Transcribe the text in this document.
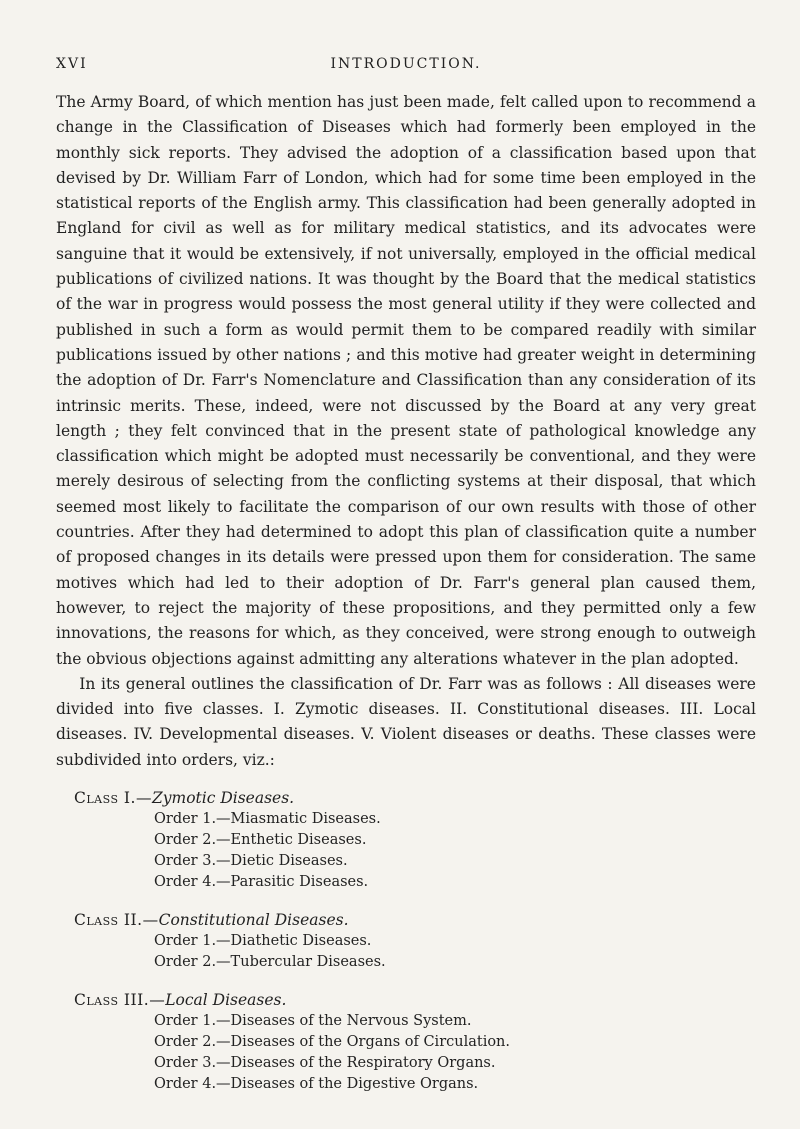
XVI	INTRODUCTION.

The Army Board, of which mention has just been made, felt called upon to recommend a change in the Classification of Diseases which had formerly been employed in the monthly sick reports. They advised the adoption of a classification based upon that devised by Dr. William Farr of London, which had for some time been employed in the statistical reports of the English army. This classification had been generally adopted in England for civil as well as for military medical statistics, and its advocates were sanguine that it would be extensively, if not universally, employed in the official medical publications of civilized nations. It was thought by the Board that the medical statistics of the war in progress would possess the most general utility if they were collected and published in such a form as would permit them to be compared readily with similar publications issued by other nations ; and this motive had greater weight in determining the adoption of Dr. Farr's Nomenclature and Classification than any consideration of its intrinsic merits. These, indeed, were not discussed by the Board at any very great length ; they felt convinced that in the present state of pathological knowledge any classification which might be adopted must necessarily be conventional, and they were merely desirous of selecting from the conflicting systems at their disposal, that which seemed most likely to facilitate the comparison of our own results with those of other countries. After they had determined to adopt this plan of classification quite a number of proposed changes in its details were pressed upon them for consideration. The same motives which had led to their adoption of Dr. Farr's general plan caused them, however, to reject the majority of these propositions, and they permitted only a few innovations, the reasons for which, as they conceived, were strong enough to outweigh the obvious objections against admitting any alterations whatever in the plan adopted.

In its general outlines the classification of Dr. Farr was as follows : All diseases were divided into five classes. I. Zymotic diseases. II. Constitutional diseases. III. Local diseases. IV. Developmental diseases. V. Violent diseases or deaths. These classes were subdivided into orders, viz.:

Class I.—Zymotic Diseases.
Order 1.—Miasmatic Diseases.
Order 2.—Enthetic Diseases.
Order 3.—Dietic Diseases.
Order 4.—Parasitic Diseases.
Class II.—Constitutional Diseases.
Order 1.—Diathetic Diseases.
Order 2.—Tubercular Diseases.
Class III.—Local Diseases.
Order 1.—Diseases of the Nervous System.
Order 2.—Diseases of the Organs of Circulation.
Order 3.—Diseases of the Respiratory Organs.
Order 4.—Diseases of the Digestive Organs.
